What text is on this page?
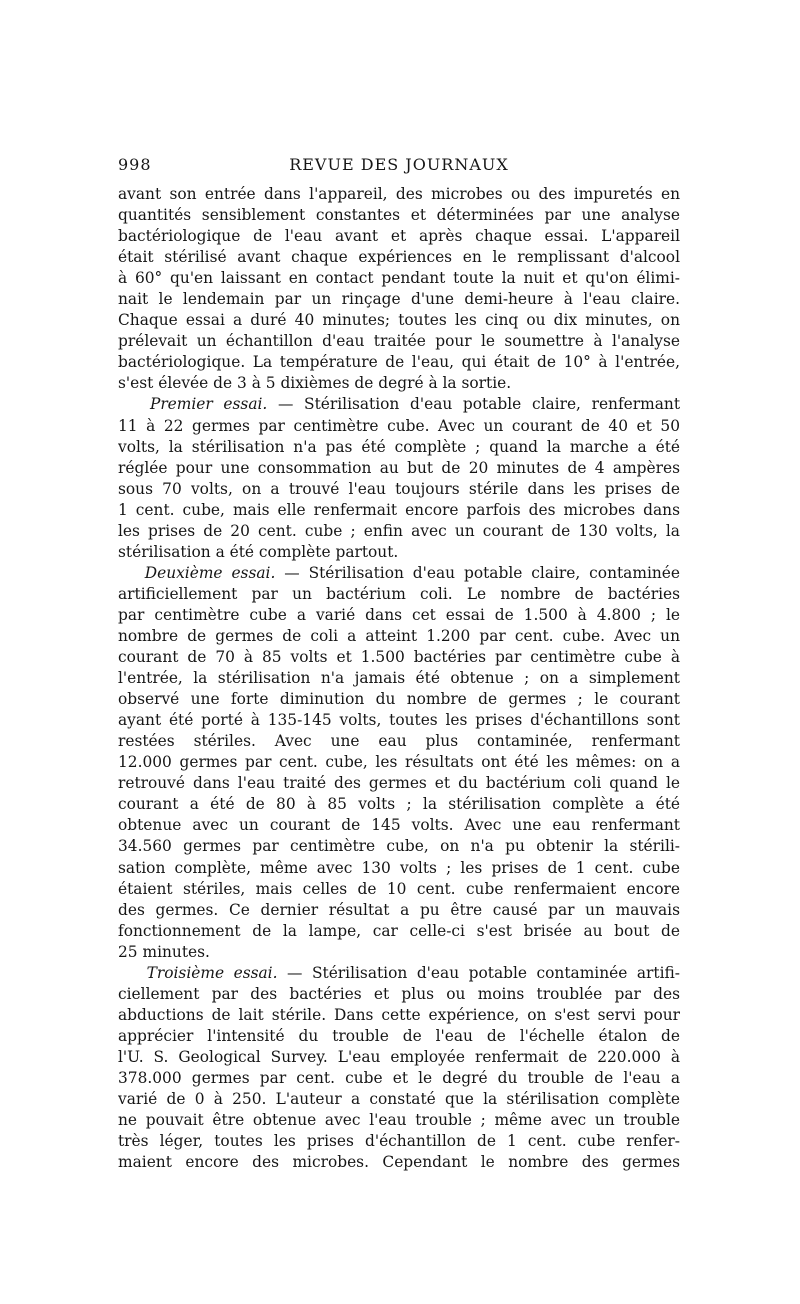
998	REVUE DES JOURNAUX
avant son entrée dans l'appareil, des microbes ou des impuretés en
quantités sensiblement constantes et déterminées par une analyse
bactériologique de l'eau avant et après chaque essai. L'appareil
était stérilisé avant chaque expériences en le remplissant d'alcool
à 60° qu'en laissant en contact pendant toute la nuit et qu'on élimi-
nait le lendemain par un rinçage d'une demi-heure à l'eau claire.
Chaque essai a duré 40 minutes; toutes les cinq ou dix minutes, on
prélevait un échantillon d'eau traitée pour le soumettre à l'analyse
bactériologique. La température de l'eau, qui était de 10° à l'entrée,
s'est élevée de 3 à 5 dixièmes de degré à la sortie.
Premier essai. — Stérilisation d'eau potable claire, renfermant
11 à 22 germes par centimètre cube. Avec un courant de 40 et 50
volts, la stérilisation n'a pas été complète ; quand la marche a été
réglée pour une consommation au but de 20 minutes de 4 ampères
sous 70 volts, on a trouvé l'eau toujours stérile dans les prises de
1 cent. cube, mais elle renfermait encore parfois des microbes dans
les prises de 20 cent. cube ; enfin avec un courant de 130 volts, la
stérilisation a été complète partout.
Deuxième essai. — Stérilisation d'eau potable claire, contaminée
artificiellement par un bactérium coli. Le nombre de bactéries
par centimètre cube a varié dans cet essai de 1.500 à 4.800 ; le
nombre de germes de coli a atteint 1.200 par cent. cube. Avec un
courant de 70 à 85 volts et 1.500 bactéries par centimètre cube à
l'entrée, la stérilisation n'a jamais été obtenue ; on a simplement
observé une forte diminution du nombre de germes ; le courant
ayant été porté à 135-145 volts, toutes les prises d'échantillons sont
restées stériles. Avec une eau plus contaminée, renfermant
12.000 germes par cent. cube, les résultats ont été les mêmes: on a
retrouvé dans l'eau traité des germes et du bactérium coli quand le
courant a été de 80 à 85 volts ; la stérilisation complète a été
obtenue avec un courant de 145 volts. Avec une eau renfermant
34.560 germes par centimètre cube, on n'a pu obtenir la stérili-
sation complète, même avec 130 volts ; les prises de 1 cent. cube
étaient stériles, mais celles de 10 cent. cube renfermaient encore
des germes. Ce dernier résultat a pu être causé par un mauvais
fonctionnement de la lampe, car celle-ci s'est brisée au bout de
25 minutes.
Troisième essai. — Stérilisation d'eau potable contaminée artifi-
ciellement par des bactéries et plus ou moins troublée par des
abductions de lait stérile. Dans cette expérience, on s'est servi pour
apprécier l'intensité du trouble de l'eau de l'échelle étalon de
l'U. S. Geological Survey. L'eau employée renfermait de 220.000 à
378.000 germes par cent. cube et le degré du trouble de l'eau a
varié de 0 à 250. L'auteur a constaté que la stérilisation complète
ne pouvait être obtenue avec l'eau trouble ; même avec un trouble
très léger, toutes les prises d'échantillon de 1 cent. cube renfer-
maient encore des microbes. Cependant le nombre des germes
